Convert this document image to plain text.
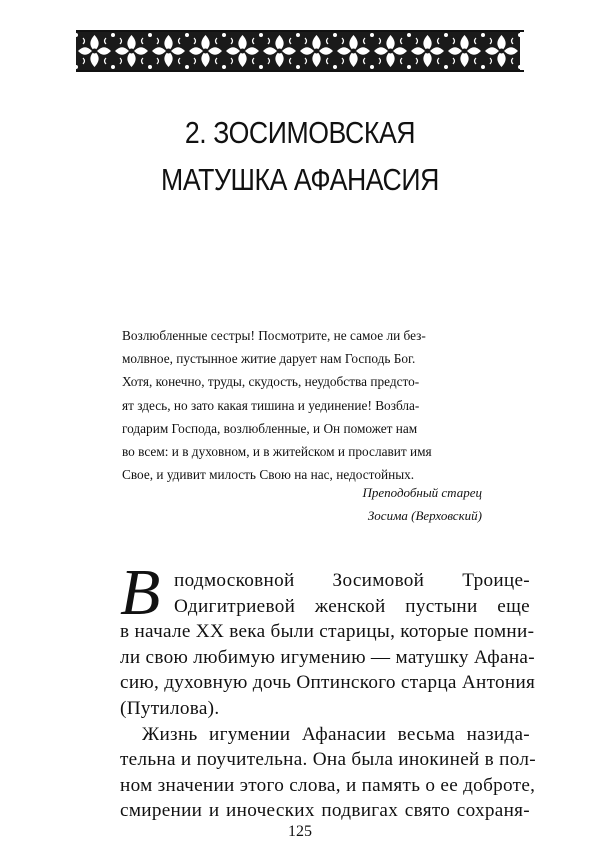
2. ЗОСИМОВСКАЯ
МАТУШКА АФАНАСИЯ

Возлюбленные сестры! Посмотрите, не самое ли без-

молвное, пустынное житие дарует нам Господь Бог.

Хотя, конечно, труды, скудость, неудобства предсто-

ят здесь, но зато какая тишина и уединение! Возбла-

годарим Господа, возлюбленные, и Он поможет нам

во всем: и в духовном, и в житейском и прославит имя

Свое, и удивит милость Свою на нас, недостойных.

Преподобный старец
Зосима (Верховский)
В подмосковной Зосимовой Троице-
Одигитриевой женской пустыни еще
в начале XX века были старицы, которые помни-
ли свою любимую игумению — матушку Афана-
сию, духовную дочь Оптинского старца Антония
(Путилова).
Жизнь игумении Афанасии весьма назида-
тельна и поучительна. Она была инокиней в пол-
ном значении этого слова, и память о ее доброте,
смирении и иноческих подвигах свято сохраня-
125
